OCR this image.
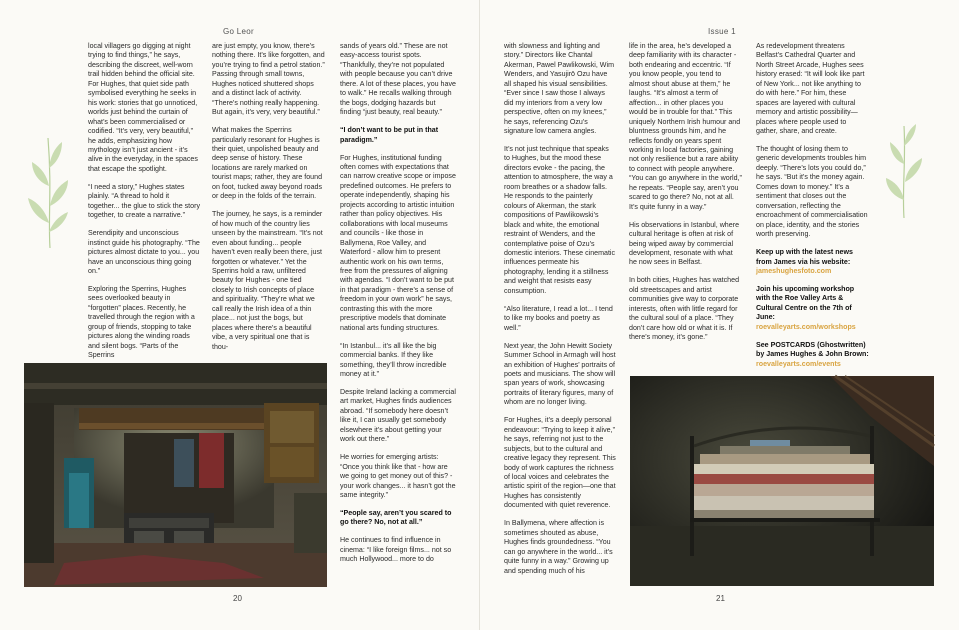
Go Leor

local villagers go digging at night trying to find things,” he says, describing the discreet, well-worn trail hidden behind the official site. For Hughes, that quiet side path symbolised everything he seeks in his work: stories that go unnoticed, worlds just behind the curtain of what’s been commercialised or codified. “It’s very, very beautiful,” he adds, emphasizing how mythology isn’t just ancient - it’s alive in the everyday, in the spaces that escape the spotlight.

“I need a story,” Hughes states plainly. “A thread to hold it together... the glue to stick the story together, to create a narrative.”

Serendipity and unconscious instinct guide his photography. “The pictures almost dictate to you... you have an unconscious thing going on.”

Exploring the Sperrins, Hughes sees overlooked beauty in “forgotten” places. Recently, he travelled through the region with a group of friends, stopping to take pictures along the winding roads and silent bogs. “Parts of the Sperrins

are just empty, you know, there’s nothing there. It’s like forgotten, and you’re trying to find a petrol station.” Passing through small towns, Hughes noticed shuttered shops and a distinct lack of activity. “There’s nothing really happening. But again, it’s very, very beautiful.”

What makes the Sperrins particularly resonant for Hughes is their quiet, unpolished beauty and deep sense of history. These locations are rarely marked on tourist maps; rather, they are found on foot, tucked away beyond roads or deep in the folds of the terrain.

The journey, he says, is a reminder of how much of the country lies unseen by the mainstream. “It’s not even about funding... people haven’t even really been there, just forgotten or whatever.” Yet the Sperrins hold a raw, unfiltered beauty for Hughes - one tied closely to Irish concepts of place and spirituality. “They’re what we call really the Irish idea of a thin place... not just the bogs, but places where there’s a beautiful vibe, a very spiritual one that is thou-

sands of years old.” These are not easy-access tourist spots. “Thankfully, they’re not populated with people because you can’t drive there. A lot of these places, you have to walk.” He recalls walking through the bogs, dodging hazards but finding “just beauty, real beauty.”

“I don’t want to be put in that paradigm.”

For Hughes, institutional funding often comes with expectations that can narrow creative scope or impose predefined outcomes. He prefers to operate independently, shaping his projects according to artistic intuition rather than policy objectives. His collaborations with local museums and councils - like those in Ballymena, Roe Valley, and Waterford - allow him to present authentic work on his own terms, free from the pressures of aligning with agendas. “I don’t want to be put in that paradigm - there’s a sense of freedom in your own work” he says, contrasting this with the more prescriptive models that dominate national arts funding structures.

“In Istanbul... it’s all like the big commercial banks. If they like something, they’ll throw incredible money at it.”

Despite Ireland lacking a commercial art market, Hughes finds audiences abroad. “If somebody here doesn’t like it, I can usually get somebody elsewhere it’s about getting your work out there.”

He worries for emerging artists: “Once you think like that - how are we going to get money out of this? - your work changes... it hasn’t got the same integrity.”

“People say, aren’t you scared to go there? No, not at all.”

He continues to find influence in cinema: “I like foreign films... not so much Hollywood... more to do

20
Issue 1

with slowness and lighting and story.” Directors like Chantal Akerman, Pawel Pawlikowski, Wim Wenders, and Yasujirō Ozu have all shaped his visual sensibilities. “Ever since I saw those I always did my interiors from a very low perspective, often on my knees,” he says, referencing Ozu’s signature low camera angles.

It’s not just technique that speaks to Hughes, but the mood these directors evoke - the pacing, the attention to atmosphere, the way a room breathes or a shadow falls. He responds to the painterly colours of Akerman, the stark compositions of Pawlikowski’s black and white, the emotional restraint of Wenders, and the contemplative poise of Ozu’s domestic interiors. These cinematic influences permeate his photography, lending it a stillness and weight that resists easy consumption.

“Also literature, I read a lot... I tend to like my books and poetry as well.”

Next year, the John Hewitt Society Summer School in Armagh will host an exhibition of Hughes’ portraits of poets and musicians. The show will span years of work, showcasing portraits of literary figures, many of whom are no longer living.

For Hughes, it’s a deeply personal endeavour: “Trying to keep it alive,” he says, referring not just to the subjects, but to the cultural and creative legacy they represent. This body of work captures the richness of local voices and celebrates the artistic spirit of the region—one that Hughes has consistently documented with quiet reverence.

In Ballymena, where affection is sometimes shouted as abuse, Hughes finds groundedness. “You can go anywhere in the world... it’s quite funny in a way.” Growing up and spending much of his

life in the area, he’s developed a deep familiarity with its character - both endearing and eccentric. “If you know people, you tend to almost shout abuse at them,” he laughs. “It’s almost a term of affection... in other places you would be in trouble for that.” This uniquely Northern Irish humour and bluntness grounds him, and he reflects fondly on years spent working in local factories, gaining not only resilience but a rare ability to connect with people anywhere. “You can go anywhere in the world,” he repeats. “People say, aren’t you scared to go there? No, not at all. It’s quite funny in a way.”

His observations in Istanbul, where cultural heritage is often at risk of being wiped away by commercial development, resonate with what he now sees in Belfast.

In both cities, Hughes has watched old streetscapes and artist communities give way to corporate interests, often with little regard for the cultural soul of a place. “They don’t care how old or what it is. If there’s money, it’s gone.”

As redevelopment threatens Belfast’s Cathedral Quarter and North Street Arcade, Hughes sees history erased: “It will look like part of New York... not like anything to do with here.” For him, these spaces are layered with cultural memory and artistic possibility—places where people used to gather, share, and create.

The thought of losing them to generic developments troubles him deeply. “There’s lots you could do,” he says. “But it’s the money again. Comes down to money.” It’s a sentiment that closes out the conversation, reflecting the encroachment of commercialisation on place, identity, and the stories worth preserving.

Keep up with the latest news from James via his website:
jameshughesfoto.com

Join his upcoming workshop with the Roe Valley Arts & Cultural Centre on the 7th of June:
roevalleyarts.com/workshops

See POSTCARDS (Ghostwritten) by James Hughes & John Brown:
roevalleyarts.com/events

21
